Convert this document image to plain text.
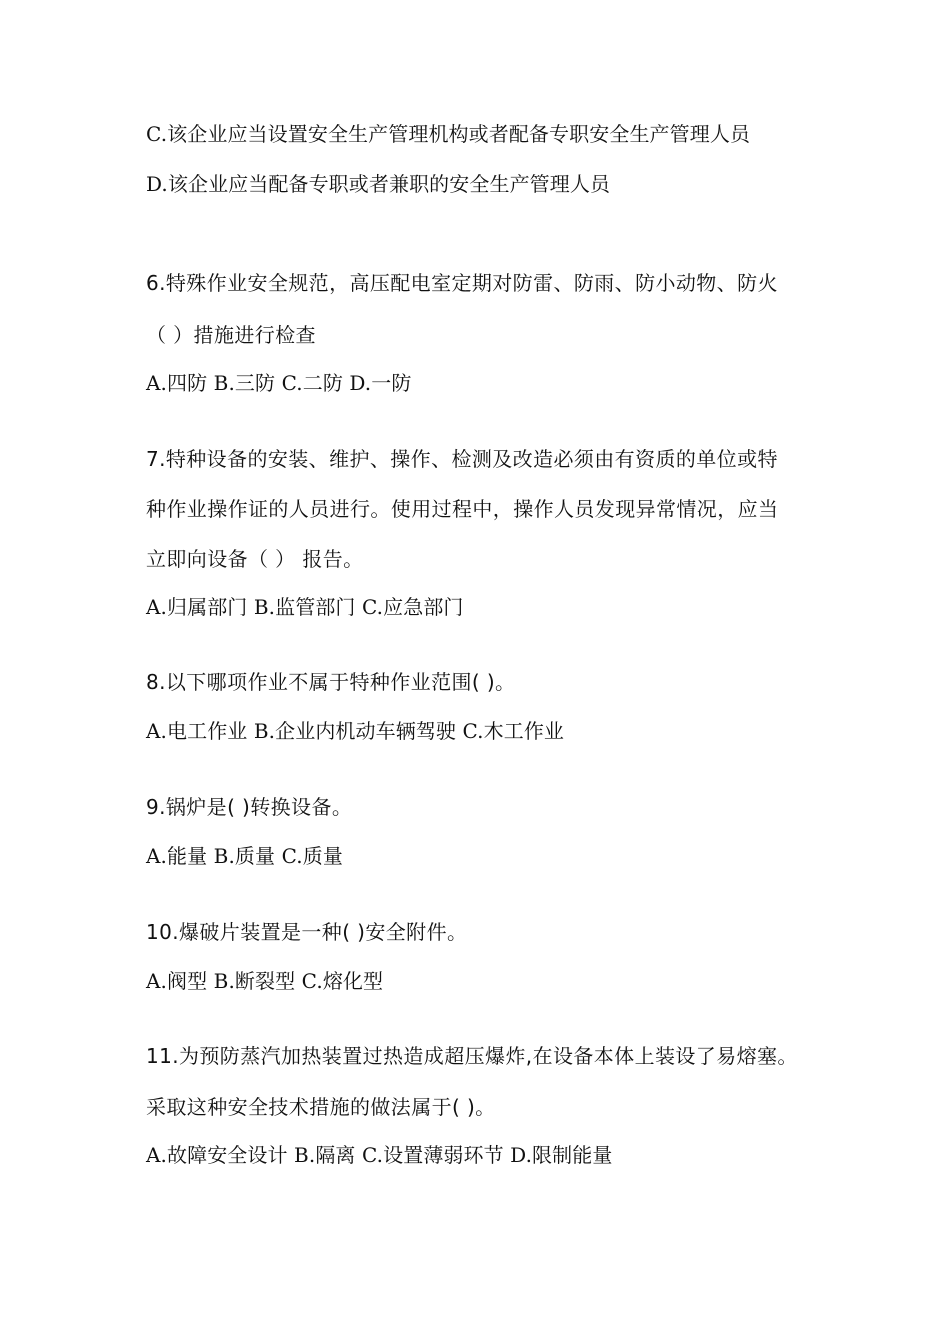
C.该企业应当设置安全生产管理机构或者配备专职安全生产管理人员
D.该企业应当配备专职或者兼职的安全生产管理人员
6.特殊作业安全规范，高压配电室定期对防雷、防雨、防小动物、防火
（ ）措施进行检查
A.四防 B.三防 C.二防 D.一防
7.特种设备的安装、维护、操作、检测及改造必须由有资质的单位或特
种作业操作证的人员进行。使用过程中，操作人员发现异常情况，应当
立即向设备（ ） 报告。
A.归属部门 B.监管部门 C.应急部门
8.以下哪项作业不属于特种作业范围( )。
A.电工作业 B.企业内机动车辆驾驶 C.木工作业
9.锅炉是( )转换设备。
A.能量 B.质量 C.质量
10.爆破片装置是一种( )安全附件。
A.阀型 B.断裂型 C.熔化型
11.为预防蒸汽加热装置过热造成超压爆炸,在设备本体上装设了易熔塞。
采取这种安全技术措施的做法属于( )。
A.故障安全设计 B.隔离 C.设置薄弱环节 D.限制能量
